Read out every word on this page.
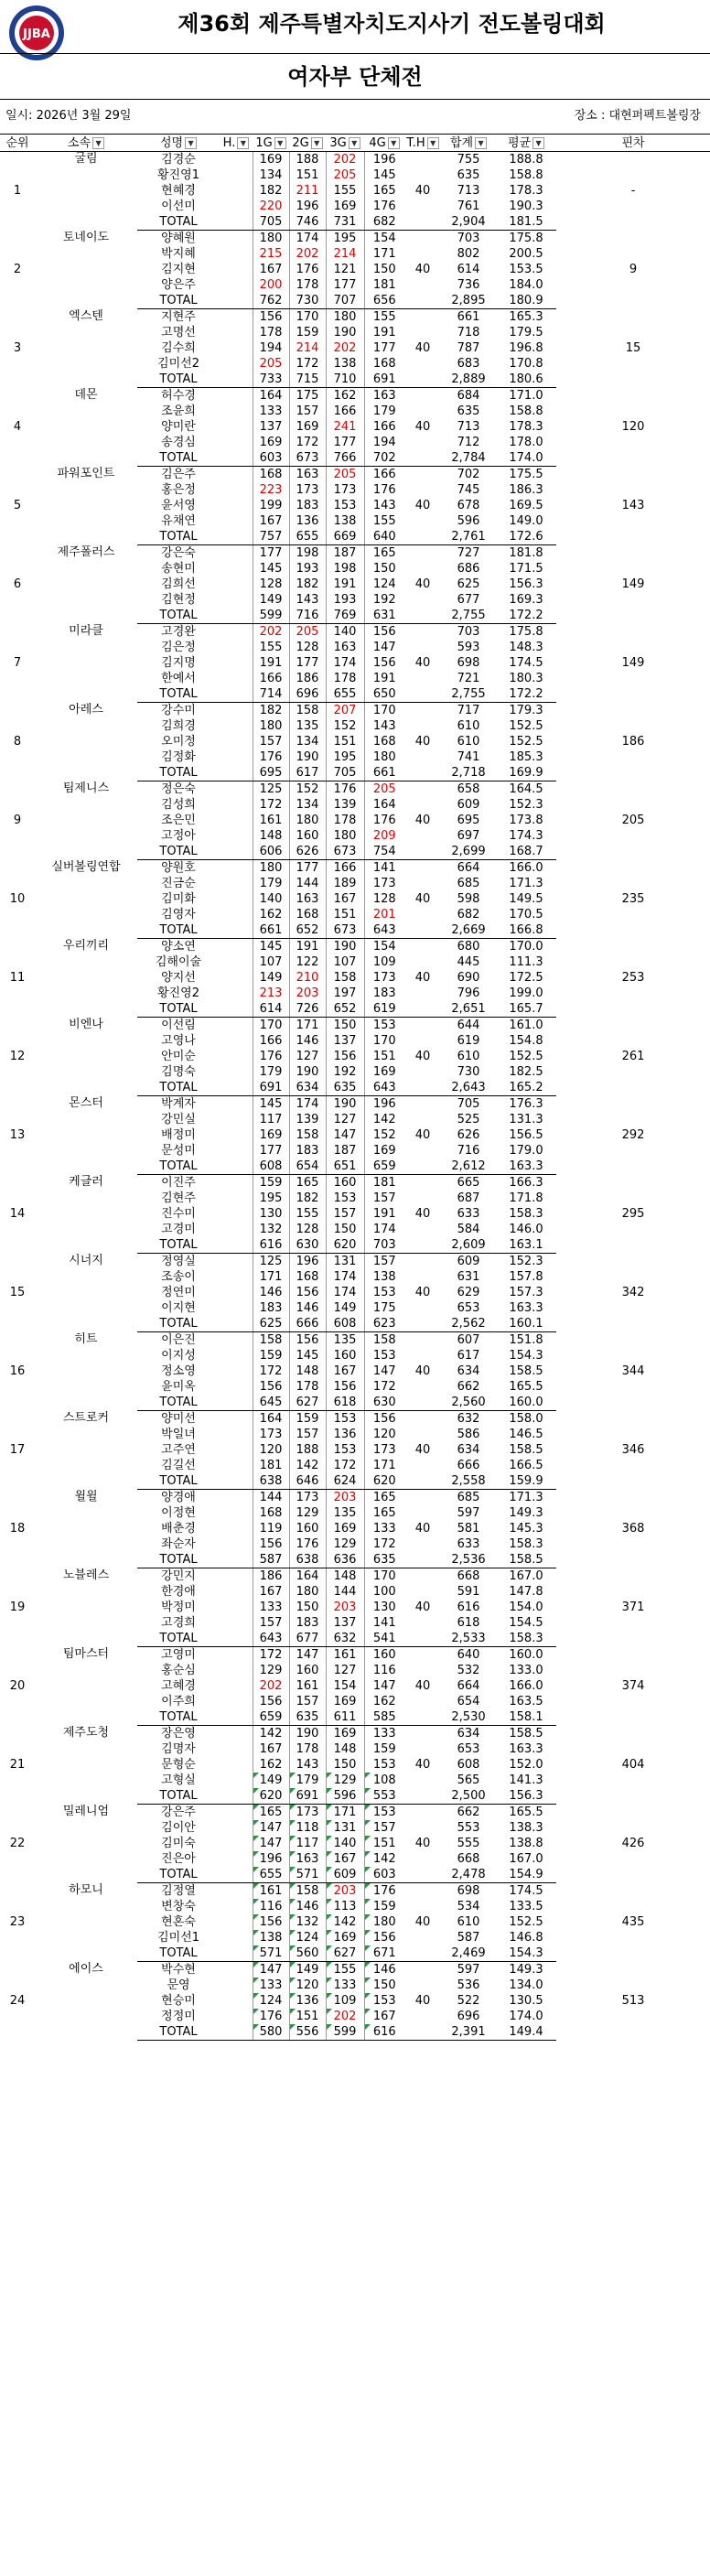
JJBA	제36회 제주특별자치도지사기 전도볼링대회
여자부 단체전
일시: 2026년 3월 29일	장소 : 대현퍼펙트볼링장
순위	소속 ▼	성명 ▼	H. ▼	1G ▼	2G ▼	3G ▼	4G ▼	T.H ▼	합계 ▼	평균 ▼	핀차
1	굴림	김경순		169	188	202	196		755	188.8	-
		황진영1		134	151	205	145		635	158.8	
		현혜경		182	211	155	165	40	713	178.3	
		이선미		220	196	169	176		761	190.3	
		TOTAL		705	746	731	682		2,904	181.5	
2	토네이도	양혜원		180	174	195	154		703	175.8	9
		박지혜		215	202	214	171		802	200.5	
		김지현		167	176	121	150	40	614	153.5	
		양은주		200	178	177	181		736	184.0	
		TOTAL		762	730	707	656		2,895	180.9	
3	엑스텐	지현주		156	170	180	155		661	165.3	15
		고명선		178	159	190	191		718	179.5	
		김수희		194	214	202	177	40	787	196.8	
		김미선2		205	172	138	168		683	170.8	
		TOTAL		733	715	710	691		2,889	180.6	
4	데몬	허수경		164	175	162	163		684	171.0	120
		조윤희		133	157	166	179		635	158.8	
		양미란		137	169	241	166	40	713	178.3	
		송경심		169	172	177	194		712	178.0	
		TOTAL		603	673	766	702		2,784	174.0	
5	파워포인트	김은주		168	163	205	166		702	175.5	143
		홍은정		223	173	173	176		745	186.3	
		윤서영		199	183	153	143	40	678	169.5	
		유채연		167	136	138	155		596	149.0	
		TOTAL		757	655	669	640		2,761	172.6	
6	제주폴러스	강은숙		177	198	187	165		727	181.8	149
		송현미		145	193	198	150		686	171.5	
		김희선		128	182	191	124	40	625	156.3	
		김현정		149	143	193	192		677	169.3	
		TOTAL		599	716	769	631		2,755	172.2	
7	미라클	고경완		202	205	140	156		703	175.8	149
		김은정		155	128	163	147		593	148.3	
		김지명		191	177	174	156	40	698	174.5	
		한예서		166	186	178	191		721	180.3	
		TOTAL		714	696	655	650		2,755	172.2	
8	아레스	강수미		182	158	207	170		717	179.3	186
		김희경		180	135	152	143		610	152.5	
		오미정		157	134	151	168	40	610	152.5	
		김정화		176	190	195	180		741	185.3	
		TOTAL		695	617	705	661		2,718	169.9	
9	팀제니스	정은숙		125	152	176	205		658	164.5	205
		김성희		172	134	139	164		609	152.3	
		조은민		161	180	178	176	40	695	173.8	
		고정아		148	160	180	209		697	174.3	
		TOTAL		606	626	673	754		2,699	168.7	
10	실버볼링연합	양원호		180	177	166	141		664	166.0	235
		진금순		179	144	189	173		685	171.3	
		김미화		140	163	167	128	40	598	149.5	
		김영자		162	168	151	201		682	170.5	
		TOTAL		661	652	673	643		2,669	166.8	
11	우리끼리	양소연		145	191	190	154		680	170.0	253
		김해이술		107	122	107	109		445	111.3	
		양지선		149	210	158	173	40	690	172.5	
		황진영2		213	203	197	183		796	199.0	
		TOTAL		614	726	652	619		2,651	165.7	
12	비엔나	이선림		170	171	150	153		644	161.0	261
		고영나		166	146	137	170		619	154.8	
		안미순		176	127	156	151	40	610	152.5	
		김명숙		179	190	192	169		730	182.5	
		TOTAL		691	634	635	643		2,643	165.2	
13	몬스터	박계자		145	174	190	196		705	176.3	292
		강민실		117	139	127	142		525	131.3	
		배정미		169	158	147	152	40	626	156.5	
		문성미		177	183	187	169		716	179.0	
		TOTAL		608	654	651	659		2,612	163.3	
14	케글러	이진주		159	165	160	181		665	166.3	295
		김현주		195	182	153	157		687	171.8	
		진수미		130	155	157	191	40	633	158.3	
		고경미		132	128	150	174		584	146.0	
		TOTAL		616	630	620	703		2,609	163.1	
15	시너지	정영실		125	196	131	157		609	152.3	342
		조송이		171	168	174	138		631	157.8	
		정연미		146	156	174	153	40	629	157.3	
		이지현		183	146	149	175		653	163.3	
		TOTAL		625	666	608	623		2,562	160.1	
16	히트	이은진		158	156	135	158		607	151.8	344
		이지성		159	145	160	153		617	154.3	
		정소영		172	148	167	147	40	634	158.5	
		윤미옥		156	178	156	172		662	165.5	
		TOTAL		645	627	618	630		2,560	160.0	
17	스트로커	양미선		164	159	153	156		632	158.0	346
		박일녀		173	157	136	120		586	146.5	
		고주연		120	188	153	173	40	634	158.5	
		김길선		181	142	172	171		666	166.5	
		TOTAL		638	646	624	620		2,558	159.9	
18	윌윌	양경애		144	173	203	165		685	171.3	368
		이정현		168	129	135	165		597	149.3	
		배춘경		119	160	169	133	40	581	145.3	
		좌순자		156	176	129	172		633	158.3	
		TOTAL		587	638	636	635		2,536	158.5	
19	노블레스	강민지		186	164	148	170		668	167.0	371
		한경애		167	180	144	100		591	147.8	
		박정미		133	150	203	130	40	616	154.0	
		고경희		157	183	137	141		618	154.5	
		TOTAL		643	677	632	541		2,533	158.3	
20	팀마스터	고영미		172	147	161	160		640	160.0	374
		홍순심		129	160	127	116		532	133.0	
		고혜경		202	161	154	147	40	664	166.0	
		이주희		156	157	169	162		654	163.5	
		TOTAL		659	635	611	585		2,530	158.1	
21	제주도청	장은영		142	190	169	133		634	158.5	404
		김명자		167	178	148	159		653	163.3	
		문형순		162	143	150	153	40	608	152.0	
		고형실		149	179	129	108		565	141.3	
		TOTAL		620	691	596	553		2,500	156.3	
22	밀레니엄	강은주		165	173	171	153		662	165.5	426
		김이안		147	118	131	157		553	138.3	
		김미숙		147	117	140	151	40	555	138.8	
		진은아		196	163	167	142		668	167.0	
		TOTAL		655	571	609	603		2,478	154.9	
23	하모니	김정열		161	158	203	176		698	174.5	435
		변창숙		116	146	113	159		534	133.5	
		현혼숙		156	132	142	180	40	610	152.5	
		김미선1		138	124	169	156		587	146.8	
		TOTAL		571	560	627	671		2,469	154.3	
24	에이스	박수현		147	149	155	146		597	149.3	513
		문영		133	120	133	150		536	134.0	
		현승미		124	136	109	153	40	522	130.5	
		정정미		176	151	202	167		696	174.0	
		TOTAL		580	556	599	616		2,391	149.4	
